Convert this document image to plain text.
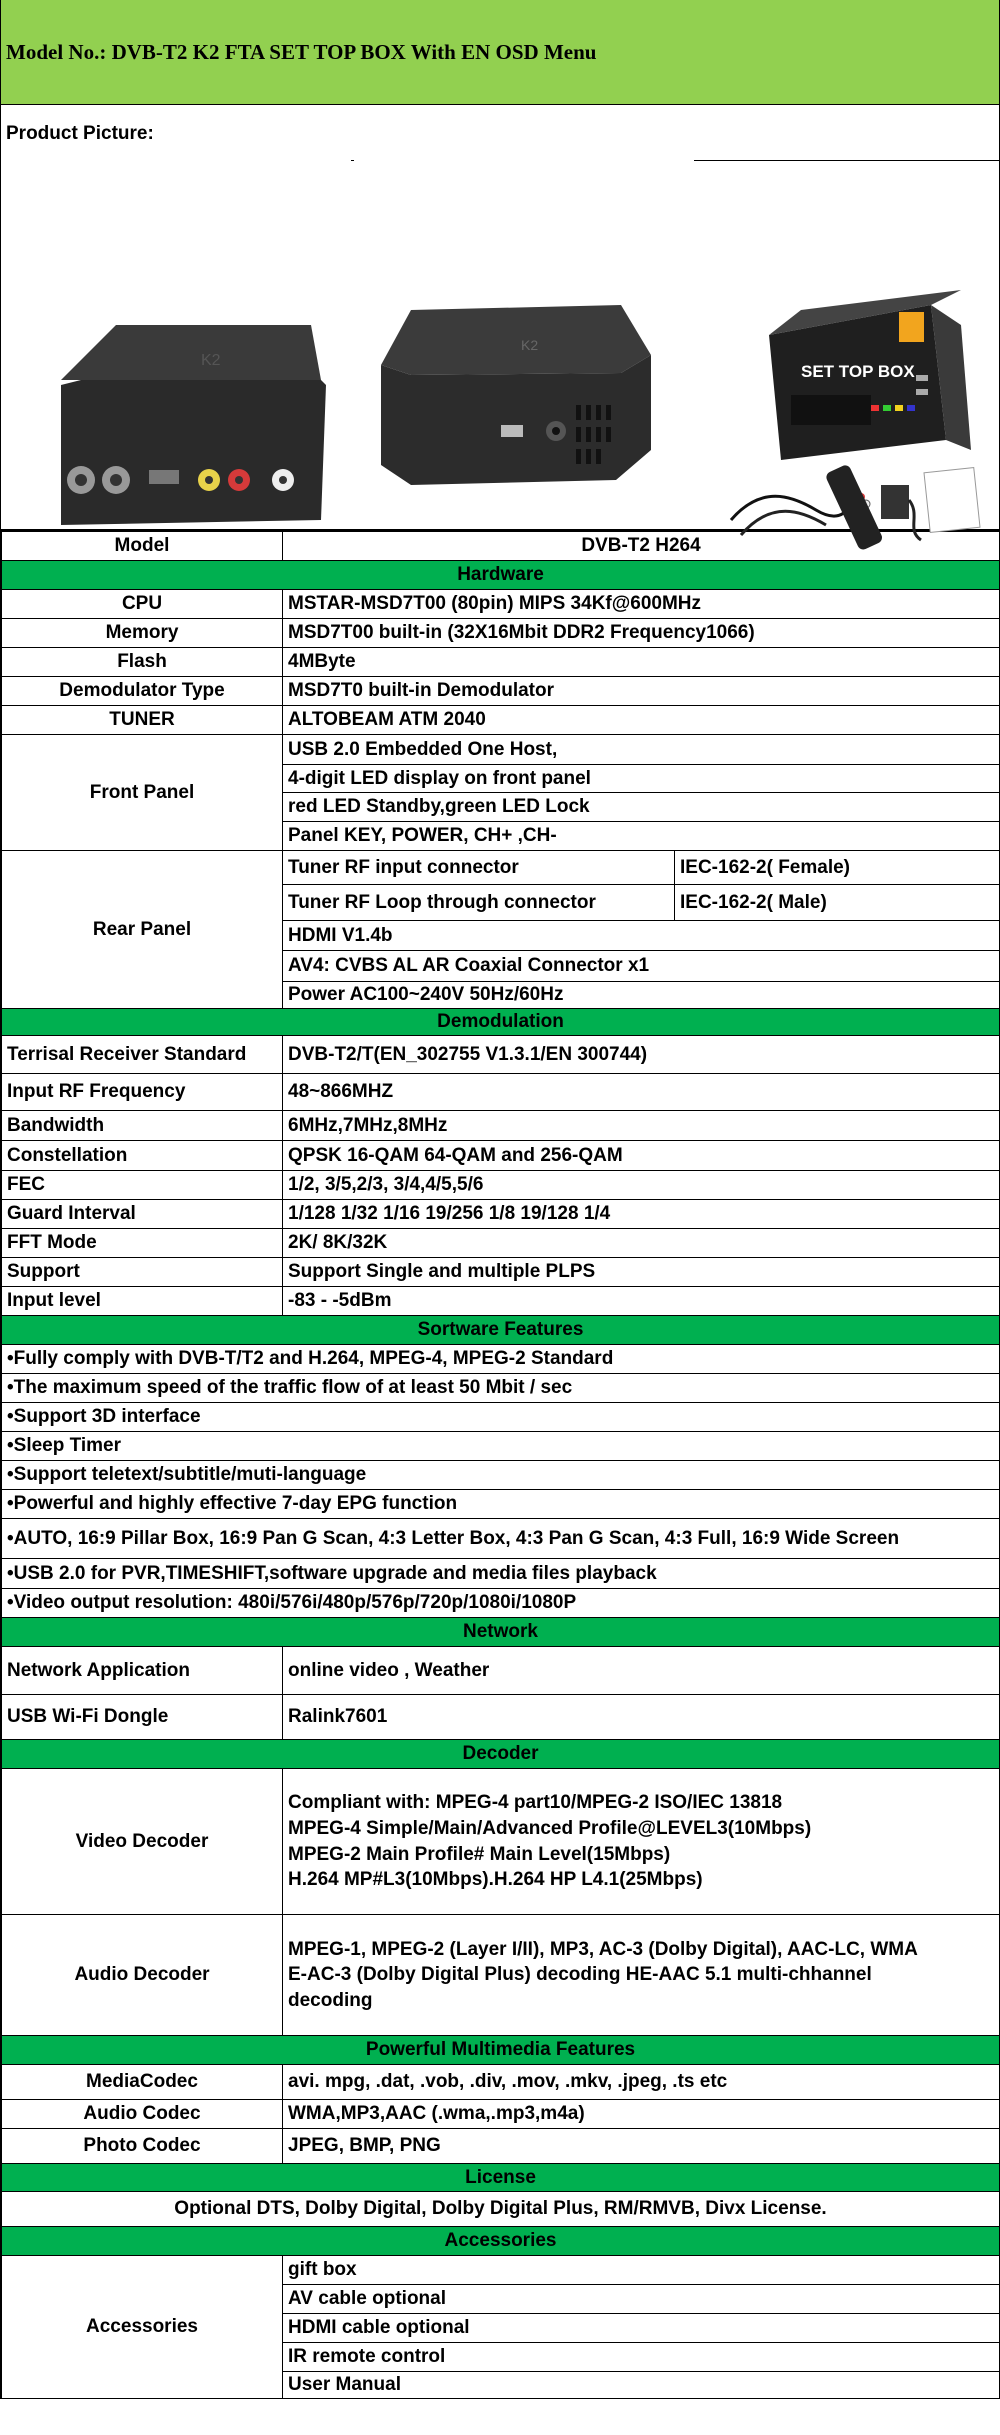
Model No.: DVB-T2 K2 FTA SET TOP BOX With EN OSD Menu
Product Picture:
K2
K2
SET TOP BOX
Model	DVB-T2 H264	
Hardware		
CPU	MSTAR-MSD7T00 (80pin) MIPS 34Kf@600MHz	
Memory	MSD7T00 built-in (32X16Mbit DDR2 Frequency1066)	
Flash	4MByte	
Demodulator Type	MSD7T0 built-in Demodulator	
TUNER	ALTOBEAM ATM 2040	
Front Panel	USB 2.0 Embedded One Host,	
	4-digit LED display on front panel	
	red LED Standby,green LED Lock	
	Panel KEY, POWER, CH+ ,CH-	
Rear Panel	Tuner RF input connector	IEC-162-2( Female)
	Tuner RF Loop through connector	IEC-162-2( Male)
	HDMI V1.4b	
	AV4: CVBS AL AR Coaxial Connector x1	
	Power AC100~240V 50Hz/60Hz	
Demodulation		
Terrisal Receiver Standard	DVB-T2/T(EN_302755 V1.3.1/EN 300744)	
Input RF Frequency	48~866MHZ	
Bandwidth	6MHz,7MHz,8MHz	
Constellation	QPSK 16-QAM 64-QAM and 256-QAM	
FEC	1/2, 3/5,2/3, 3/4,4/5,5/6	
Guard Interval	1/128 1/32 1/16 19/256 1/8 19/128 1/4	
FFT Mode	2K/ 8K/32K	
Support	Support Single and multiple PLPS	
Input level	-83 - -5dBm	
Sortware Features		
•Fully comply with DVB-T/T2 and H.264, MPEG-4, MPEG-2 Standard		
•The maximum speed of the traffic flow of at least 50 Mbit / sec		
•Support 3D interface		
•Sleep Timer		
•Support teletext/subtitle/muti-language		
•Powerful and highly effective 7-day EPG function		
•AUTO, 16:9 Pillar Box, 16:9 Pan G Scan, 4:3 Letter Box, 4:3 Pan G Scan, 4:3 Full, 16:9 Wide Screen		
•USB 2.0 for PVR,TIMESHIFT,software upgrade and media files playback		
•Video output resolution: 480i/576i/480p/576p/720p/1080i/1080P		
Network		
Network Application	online video , Weather	
USB Wi-Fi Dongle	Ralink7601	
Decoder		
Video Decoder	Compliant with: MPEG-4 part10/MPEG-2 ISO/IEC 13818
MPEG-4 Simple/Main/Advanced Profile@LEVEL3(10Mbps)
MPEG-2 Main Profile# Main Level(15Mbps)
H.264 MP#L3(10Mbps).H.264 HP L4.1(25Mbps)	

Audio Decoder	MPEG-1, MPEG-2 (Layer I/II), MP3, AC-3 (Dolby Digital), AAC-LC, WMA
E-AC-3 (Dolby Digital Plus) decoding HE-AAC 5.1 multi-chhannel
decoding	

Powerful Multimedia Features		
MediaCodec	avi. mpg, .dat, .vob, .div, .mov, .mkv, .jpeg, .ts etc	
Audio Codec	WMA,MP3,AAC (.wma,.mp3,m4a)	
Photo Codec	JPEG, BMP, PNG	
License		
Optional DTS, Dolby Digital, Dolby Digital Plus, RM/RMVB, Divx License.		
Accessories		
Accessories	gift box	
	AV cable optional	
	HDMI cable optional	
	IR remote control	
	User Manual	
